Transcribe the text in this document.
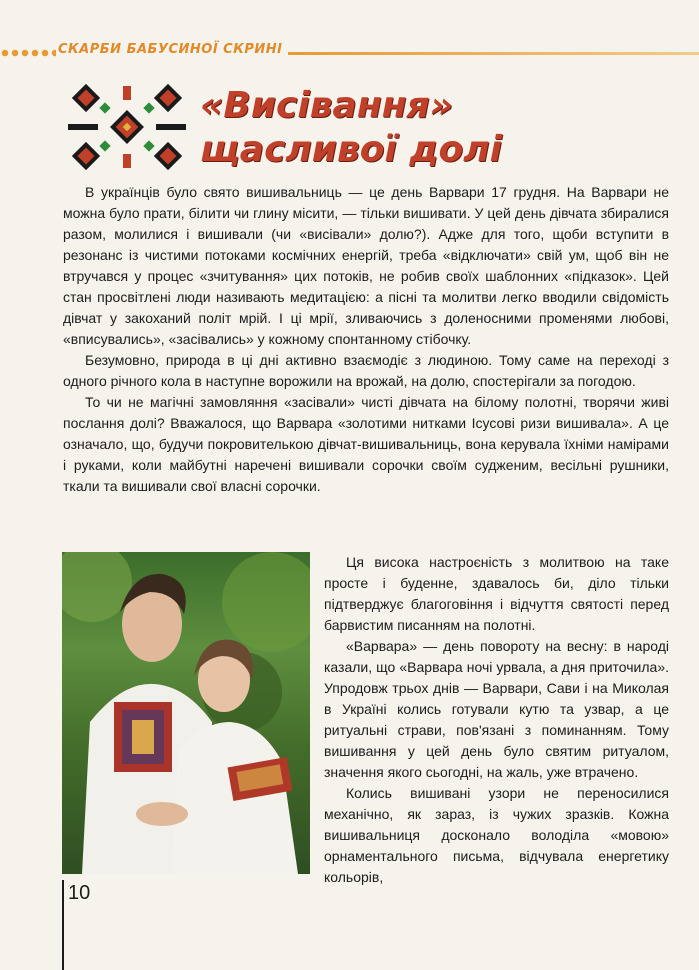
СКАРБИ БАБУСИНОЇ СКРИНІ
«Висівання»
щасливої долі

В українців було свято вишивальниць — це день Варвари 17 грудня. На Варвари не можна було прати, білити чи глину місити, — тільки вишивати. У цей день дівчата збиралися разом, молилися і вишивали (чи «висівали» долю?). Адже для того, щоби вступити в резонанс із чистими потоками космічних енергій, треба «відключати» свій ум, щоб він не втручався у процес «зчитування» цих потоків, не робив своїх шаблонних «підказок». Цей стан просвітлені люди називають медитацією: а пісні та молитви легко вводили свідомість дівчат у закоханий політ мрій. І ці мрії, зливаючись з доленосними променями любові, «вписувались», «засівались» у кожному спонтанному стібочку.

Безумовно, природа в ці дні активно взаємодіє з людиною. Тому саме на переході з одного річного кола в наступне ворожили на врожай, на долю, спостерігали за погодою.

То чи не магічні замовляння «засівали» чисті дівчата на білому полотні, творячи живі послання долі? Вважалося, що Варвара «золотими нитками Ісусові ризи вишивала». А це означало, що, будучи покровителькою дівчат-вишивальниць, вона керувала їхніми намірами і руками, коли майбутні наречені вишивали сорочки своїм судженим, весільні рушники, ткали та вишивали свої власні сорочки.

Ця висока настроєність з молитвою на таке просте і буденне, здавалось би, діло тільки підтверджує благоговіння і відчуття святості перед барвистим писанням на полотні.

«Варвара» — день повороту на весну: в народі казали, що «Варвара ночі урвала, а дня приточила». Упродовж трьох днів — Варвари, Сави і на Миколая в Україні колись готували кутю та узвар, а це ритуальні страви, пов'язані з поминанням. Тому вишивання у цей день було святим ритуалом, значення якого сьогодні, на жаль, уже втрачено.

Колись вишивані узори не переносилися механічно, як зараз, із чужих зразків. Кожна вишивальниця досконало володіла «мовою» орнаментального письма, відчувала енергетику кольорів,

10
